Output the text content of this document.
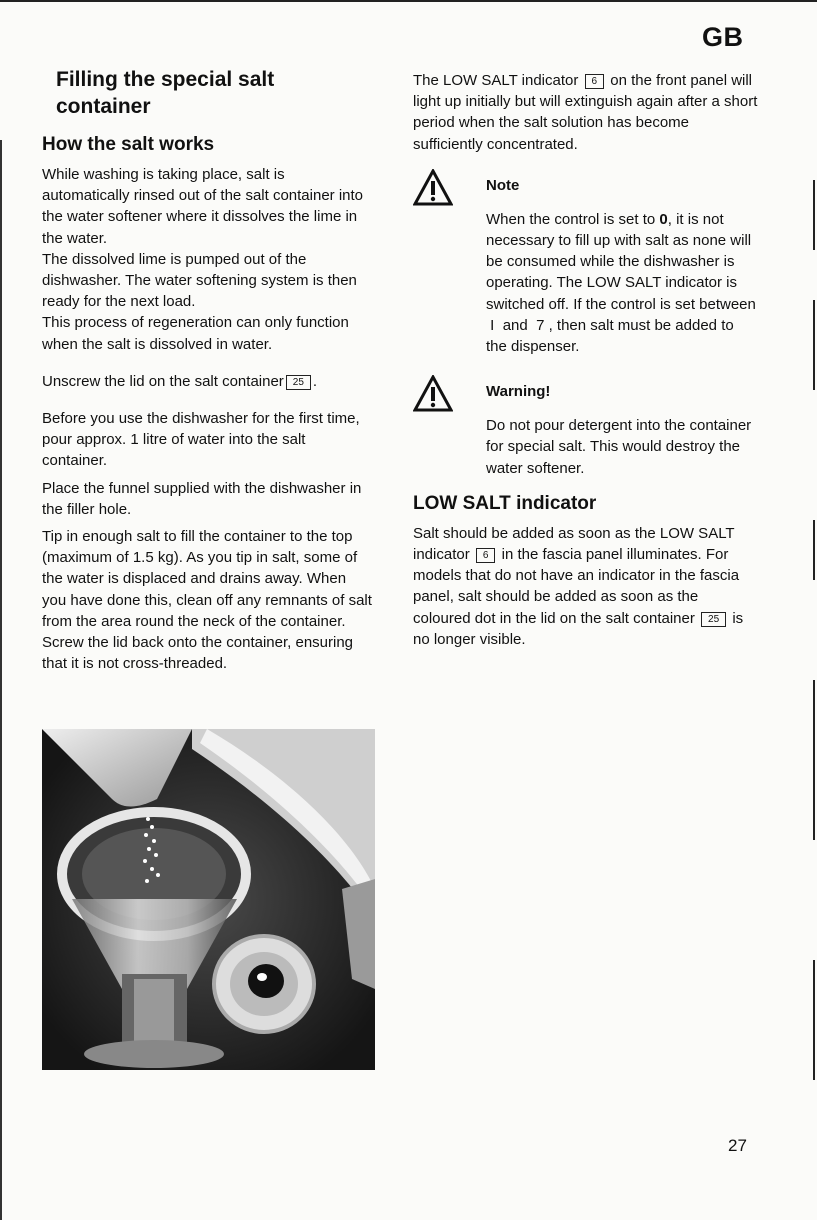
GB
Filling the special salt
container
How the salt works

While washing is taking place, salt is automatically rinsed out of the salt container into the water softener where it dissolves the lime in the water.

The dissolved lime is pumped out of the dishwasher. The water softening system is then ready for the next load.

This process of regeneration can only function when the salt is dissolved in water.

Unscrew the lid on the salt container 25 .

Before you use the dishwasher for the first time, pour approx. 1 litre of water into the salt container.

Place the funnel supplied with the dishwasher in the filler hole.

Tip in enough salt to fill the container to the top (maximum of 1.5 kg). As you tip in salt, some of the water is displaced and drains away. When you have done this, clean off any remnants of salt from the area round the neck of the container. Screw the lid back onto the container, ensuring that it is not cross-threaded.

The LOW SALT indicator 6 on the front panel will light up initially but will extinguish again after a short period when the salt solution has become sufficiently concentrated.

Note

When the control is set to 0, it is not necessary to fill up with salt as none will be consumed while the dishwasher is operating. The LOW SALT indicator is switched off. If the control is set between  I and 7 , then salt must be added to the dispenser.

Warning!

Do not pour detergent into the container for special salt. This would destroy the water softener.

LOW SALT indicator

Salt should be added as soon as the LOW SALT indicator 6 in the fascia panel illuminates. For models that do not have an indicator in the fascia panel, salt should be added as soon as the coloured dot in the lid on the salt container 25 is no longer visible.

27
